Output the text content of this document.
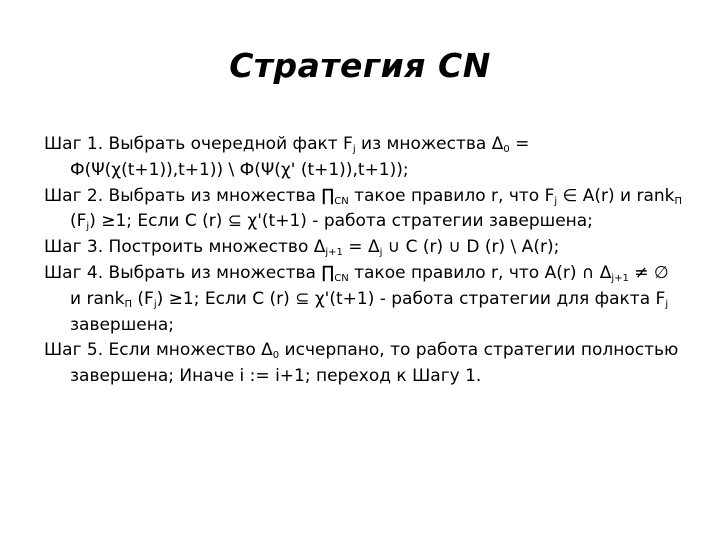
Стратегия CN
Шаг 1. Выбрать очередной факт $F_j$ из множества $\Delta_0 = Ф(\Psi(\chi(t+1)),t+1)$) \ Ф(Ψ(χ' (t+1)),t+1));
Шаг 2. Выбрать из множества $\prod_{CN}$ такое правило r, что $F_j$ ∈ A(r) и rank$_П$ $(F_j) \ge 1$; Если C (r) ⊆ χ'(t+1) - работа стратегии завершена;
Шаг 3. Построить множество $\Delta_{j+1} = \Delta_j$ ∪ C (r) ∪ D (r) \ A(r);
Шаг 4. Выбрать из множества $\prod_{CN}$ такое правило r, что A(r) ∩ $\Delta_{j+1}$ ≠ ∅ и rank$_П$ $(F_j) \ge 1$; Если C (r) ⊆ χ'(t+1) - работа стратегии для факта $F_j$ завершена;
Шаг 5. Если множество $\Delta_0$ исчерпано, то работа стратегии полностью завершена; Иначе i := i+1; переход к Шагу 1.
